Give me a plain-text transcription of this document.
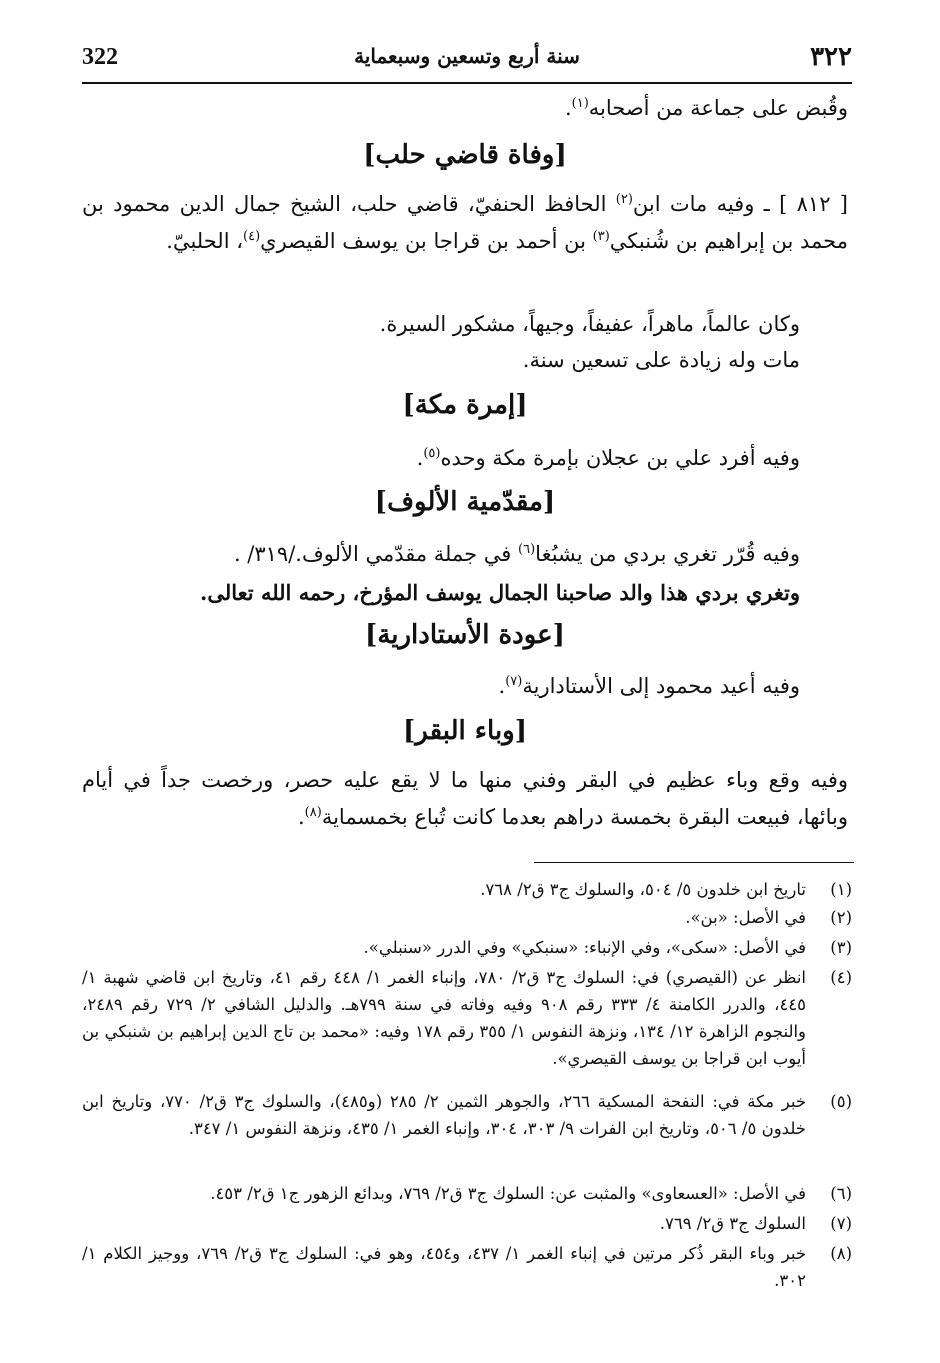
322	سنة أربع وتسعين وسبعماية	٣٢٢
وقُبض على جماعة من أصحابه$^{(١)}$.
[وفاة قاضي حلب]
[ ٨١٢ ] ـ وفيه مات ابن$^{(٢)}$ الحافظ الحنفيّ، قاضي حلب، الشيخ جمال الدين محمود بن محمد بن إبراهيم بن شُنبكي$^{(٣)}$ بن أحمد بن قراجا بن يوسف القيصري$^{(٤)}$، الحلبيّ.
وكان عالماً، ماهراً، عفيفاً، وجيهاً، مشكور السيرة.
مات وله زيادة على تسعين سنة.
[إمرة مكة]
وفيه أفرد علي بن عجلان بإمرة مكة وحده$^{(٥)}$.
[مقدّمية الألوف]
وفيه قُرّر تغري بردي من يشبُغا$^{(٦)}$ في جملة مقدّمي الألوف./٣١٩/ .
وتغري بردي هذا والد صاحبنا الجمال يوسف المؤرخ، رحمه الله تعالى.
[عودة الأستادارية]
وفيه أعيد محمود إلى الأستادارية$^{(٧)}$.
[وباء البقر]
وفيه وقع وباء عظيم في البقر وفني منها ما لا يقع عليه حصر، ورخصت جداً في أيام وبائها، فبيعت البقرة بخمسة دراهم بعدما كانت تُباع بخمسماية$^{(٨)}$.
(١)
تاريخ ابن خلدون ٥/ ٥٠٤، والسلوك ج٣ ق٢/ ٧٦٨.
(٢)
في الأصل: «بن».
(٣)
في الأصل: «سكى»، وفي الإنباء: «سنبكي» وفي الدرر «سنبلي».
(٤)
انظر عن (القيصري) في: السلوك ج٣ ق٢/ ٧٨٠، وإنباء الغمر ١/ ٤٤٨ رقم ٤١، وتاريخ ابن قاضي شهبة ١/ ٤٤٥، والدرر الكامنة ٤/ ٣٣٣ رقم ٩٠٨ وفيه وفاته في سنة ٧٩٩هـ. والدليل الشافي ٢/ ٧٢٩ رقم ٢٤٨٩، والنجوم الزاهرة ١٢/ ١٣٤، ونزهة النفوس ١/ ٣٥٥ رقم ١٧٨ وفيه: «محمد بن تاج الدين إبراهيم بن شنبكي بن أيوب ابن قراجا بن يوسف القيصري».
(٥)
خبر مكة في: النفحة المسكية ٢٦٦، والجوهر الثمين ٢/ ٢٨٥ (و٤٨٥)، والسلوك ج٣ ق٢/ ٧٧٠، وتاريخ ابن خلدون ٥/ ٥٠٦، وتاريخ ابن الفرات ٩/ ٣٠٣، ٣٠٤، وإنباء الغمر ١/ ٤٣٥، ونزهة النفوس ١/ ٣٤٧.
(٦)
في الأصل: «العسعاوى» والمثبت عن: السلوك ج٣ ق٢/ ٧٦٩، وبدائع الزهور ج١ ق٢/ ٤٥٣.
(٧)
السلوك ج٣ ق٢/ ٧٦٩.
(٨)
خبر وباء البقر ذُكر مرتين في إنباء الغمر ١/ ٤٣٧، و٤٥٤، وهو في: السلوك ج٣ ق٢/ ٧٦٩، ووجيز الكلام ١/ ٣٠٢.
